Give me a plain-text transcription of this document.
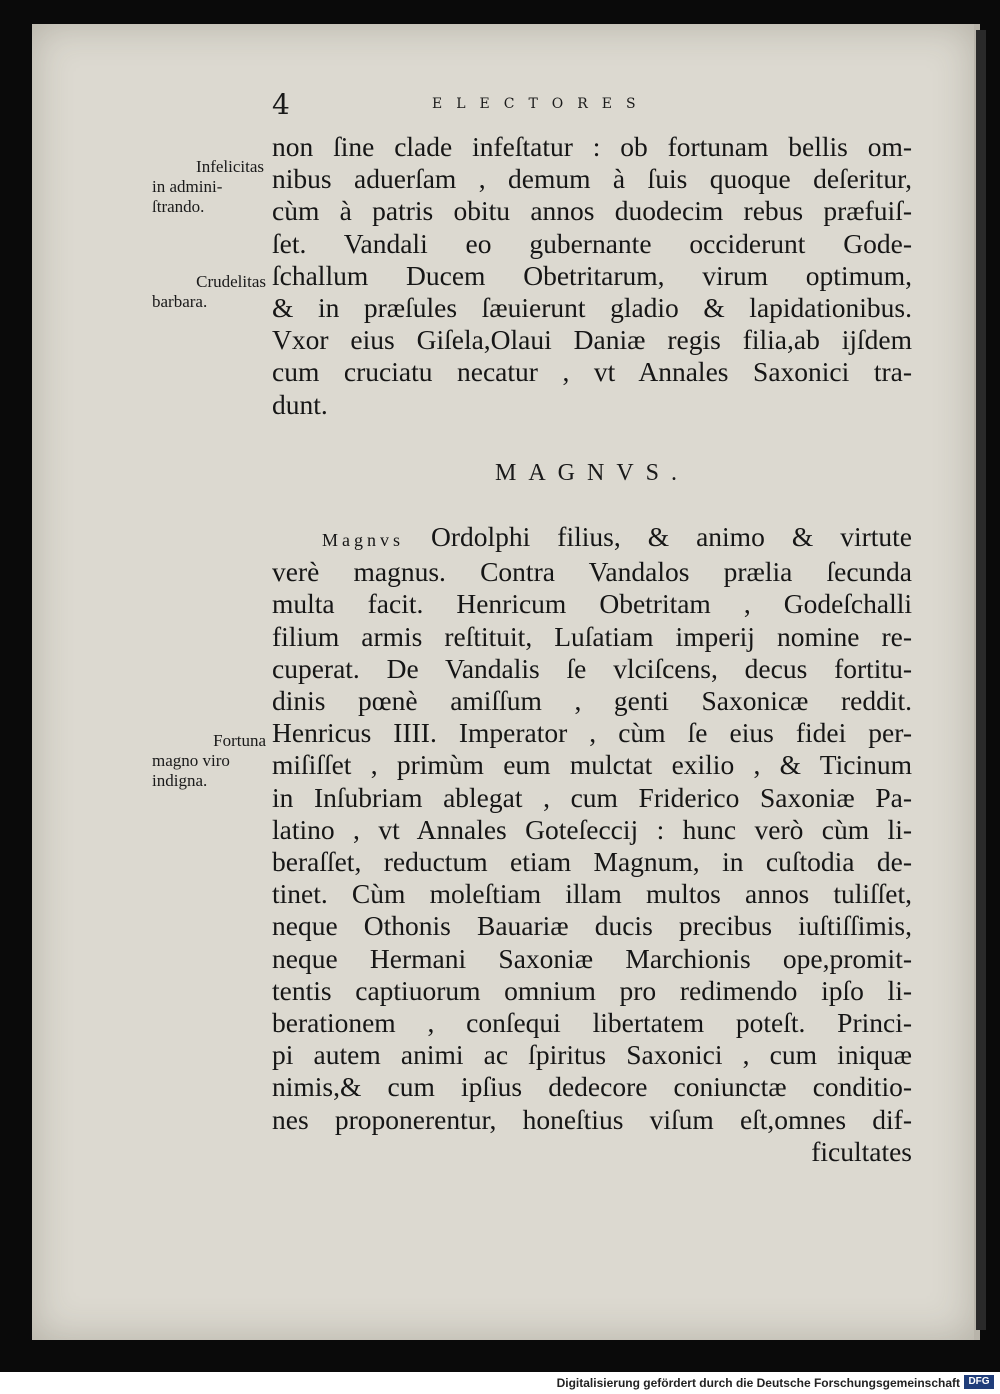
4	ELECTORES
Infelicitas
in admini-
ſtrando.
Crudelitas
barbara.
Fortuna
magno viro
indigna.
non ſine clade infeſtatur : ob fortunam bellis om-
nibus aduerſam , demum à ſuis quoque deſeritur,
cùm à patris obitu annos duodecim rebus præfuiſ-
ſet. Vandali eo gubernante occiderunt Gode-
ſchallum Ducem Obetritarum, virum optimum,
& in præſules ſæuierunt gladio & lapidationibus.
Vxor eius Giſela,Olaui Daniæ regis filia,ab ijſdem
cum cruciatu necatur , vt Annales Saxonici tra-
dunt.
MAGNVS.
Magnvs Ordolphi filius, & animo & virtute
verè magnus. Contra Vandalos prælia ſecunda
multa facit. Henricum Obetritam , Godeſchalli
filium armis reſtituit, Luſatiam imperij nomine re-
cuperat. De Vandalis ſe vlciſcens, decus fortitu-
dinis pœnè amiſſum , genti Saxonicæ reddit.
Henricus IIII. Imperator , cùm ſe eius fidei per-
miſiſſet , primùm eum mulctat exilio , & Ticinum
in Inſubriam ablegat , cum Friderico Saxoniæ Pa-
latino , vt Annales Goteſeccij : hunc verò cùm li-
beraſſet, reductum etiam Magnum, in cuſtodia de-
tinet. Cùm moleſtiam illam multos annos tuliſſet,
neque Othonis Bauariæ ducis precibus iuſtiſſimis,
neque Hermani Saxoniæ Marchionis ope,promit-
tentis captiuorum omnium pro redimendo ipſo li-
berationem , conſequi libertatem poteſt. Princi-
pi autem animi ac ſpiritus Saxonici , cum iniquæ
nimis,& cum ipſius dedecore coniunctæ conditio-
nes proponerentur, honeſtius viſum eſt,omnes dif-
ficultates
Digitalisierung gefördert durch die Deutsche Forschungsgemeinschaft DFG
